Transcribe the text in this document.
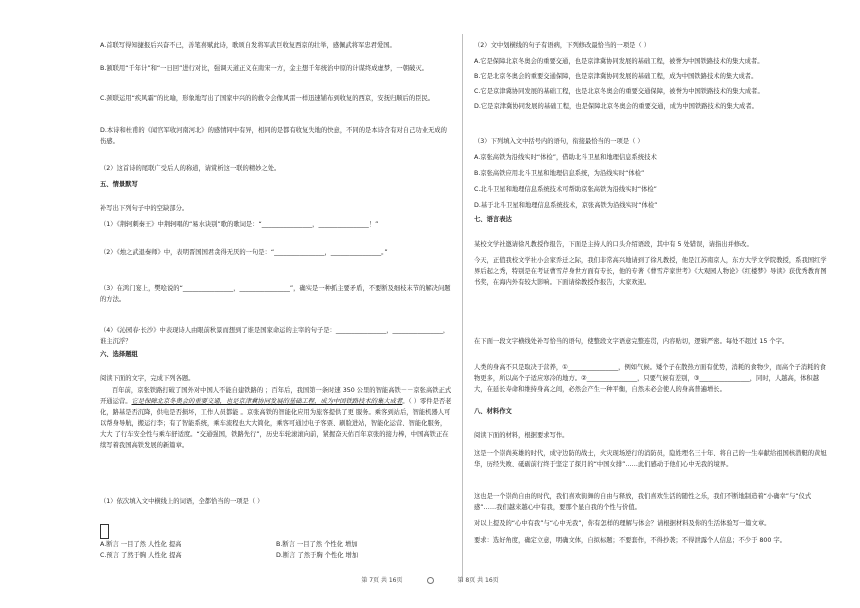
A.首联写得知捷报后兴奋不已，善笔喜赋此诗，歌颂自发将军武巨收复西京的壮举，感佩武将军忠君爱国。
B.颔联用“千年计”和“一日回”进行对比，强调天道正义在南宋一方，金主想千年统治中原的计谋终成虚梦，一朝破灭。
C.颈联运用“疾风霜”的比喻，形象地写出了国家中兴的的救令会像风雷一样迅速铺布到收复的西京，安抚归顺后的臣民。
D.本诗和杜甫的《闻官军收河南河北》的感情同中有异，相同的是都有收复失地的快意，不同的是本诗含有对自己功业无成的伤感。
（2）这首诗的尾联广受后人的称道，请赏析这一联的精妙之处。
五、情景默写
补写出下列句子中的空缺部分。
（1）《荆轲刺秦王》中荆轲唱的“易水诀别”歌的歌词是：“________________，________________！”
（2）《烛之武退秦师》中，表明晋国国君贪得无厌的一句是：“________________，________________。”
（3）在鸿门宴上，樊哙说的“________________，________________”，确实是一种抓主要矛盾，不要断及细枝末节的解决问题的方法。
（4）《沁园春·长沙》中表现诗人由眼前秋景而想到了谁是国家命运的主宰的句子是：________________，________________，谁主沉浮？
六、选择题组
阅读下面的文字，完成下列各题。
百年前，京张铁路打破了国外对中国人不能自建铁路的 ；百年后，我国第一条时速 350 公里的智能高铁－－京张高铁正式开通运营。它是保障北京冬奥会的重要交通，也是京津冀协同发展的基础工程，成为中国铁路技术的集大成者。（ ）零件是否老化，路基是否沉降，供电是否损坏，工作人员都能 。京张高铁的智能化应用为旅客提供了更 服务。乘客到站后，智能机器人可以帮身导航，搬运行李；有了智能系统，乘车流程也大大简化，乘客可通过电子客票、刷脸进站，智能化运营、智能化服务，大大 了行车安全性与乘车舒适度。“交通强国，铁路先行”，历史车轮滚滚向前，紧握奋天佑百年京张的接力棒，中国高铁正在续写着我国高铁发展的新篇章。
（1）依次填入文中横线上的词语，全都恰当的一项是（ ）
A.断言 一目了然 人性化 提高	B.断言 一目了然 个性化 增加
C.预言 了然于胸 人性化 提高	D.断言 了然于胸 个性化 增加
（2）文中划横线的句子有语病，下列修改最恰当的一项是（ ）
A.它是保障北京冬奥会的重要交通，也是京津冀协同发展的基础工程，被誉为中国铁路技术的集大成者。
B.它是北京冬奥会的重要交通保障，也是京津冀协同发展的基础工程，成为中国铁路技术的集大成者。
C.它是京津冀协同发展的基础工程，也是北京冬奥会的重要交通保障，被誉为中国铁路技术的集大成者。
D.它是京津冀协同发展的基础工程，也是保障北京冬奥会的重要交通，成为中国铁路技术的集大成者。
（3）下列填入文中括号内的语句，衔接最恰当的一项是（ ）
A.京张高铁为沿线实时“体检”，借助北斗卫星和地理信息系统技术
B.京张高铁应用北斗卫星和地理信息系统，为沿线实时“体检”
C.北斗卫星和地理信息系统技术可帮助京张高铁为沿线实时“体检”
D.基于北斗卫星和地理信息系统技术，京张高铁为沿线实时“体检”
七、语言表达
某校文学社邀请徐凡教授作报告，下面是主持人的口头介绍语段，其中有 5 处错误，请指出并修改。
今天，正值我校文学社小会家乔迁之际，我们非常高兴地请到了徐凡教授，他是江苏南京人，东方大学文学院教授，系我国红学界后起之秀，特别是在考证曹雪芹身世方面有专长，他的专著《曹雪芹家世考》《大观园人物论》《红楼梦》导读》获优秀教育图书奖，在海内外有较大影响。下面请徐教授作报告，大家欢迎。
在下面一段文字横线处补写恰当的语句，使整段文字语意完整连贯，内容贴切，逻辑严密。每处不超过 15 个字。
人类的身高不只是取决于营养，①________________，例如气候。矮个子在散热方面有优势，消耗的食物少，而高个子消耗的食物更多，所以高个子适应寒冷的地方。②________________，只要气候有差别，③________________，同时，人越高，体积越大，在延长寿命和维持身高之间，必然会产生一种平衡，自然未必会使人的身高普遍增长。
八、材料作文
阅读下面的材料，根据要求写作。
这是一个崇尚英雄的时代，成守边防的战士，火灾现场逆行的消防员，隐姓埋名三十年、将自己的一生奉献给祖国核潜艇的黄旭华，历经失败、砥砺前行终于坚定了探月的“中国女排”……此们感动于他们心中无我的境界。
这也是一个崇尚自由的时代，我们喜欢街舞的自由与释放，我们喜欢生活的随性之乐，我们不断地制造着“小确幸”与“仪式感”……我们越来越心中有我，要那个显自我的个性与价值。
对以上提及的“心中有我”与“心中无我”，你有怎样的理解与体会？请根据材料及你的生活体验写一篇文章。
要求：选好角度，确定立意，明确文体，自拟标题；不要套作，不得抄袭；不得泄露个人信息；不少于 800 字。
第 7页 共 16页	第 8页 共 16页
